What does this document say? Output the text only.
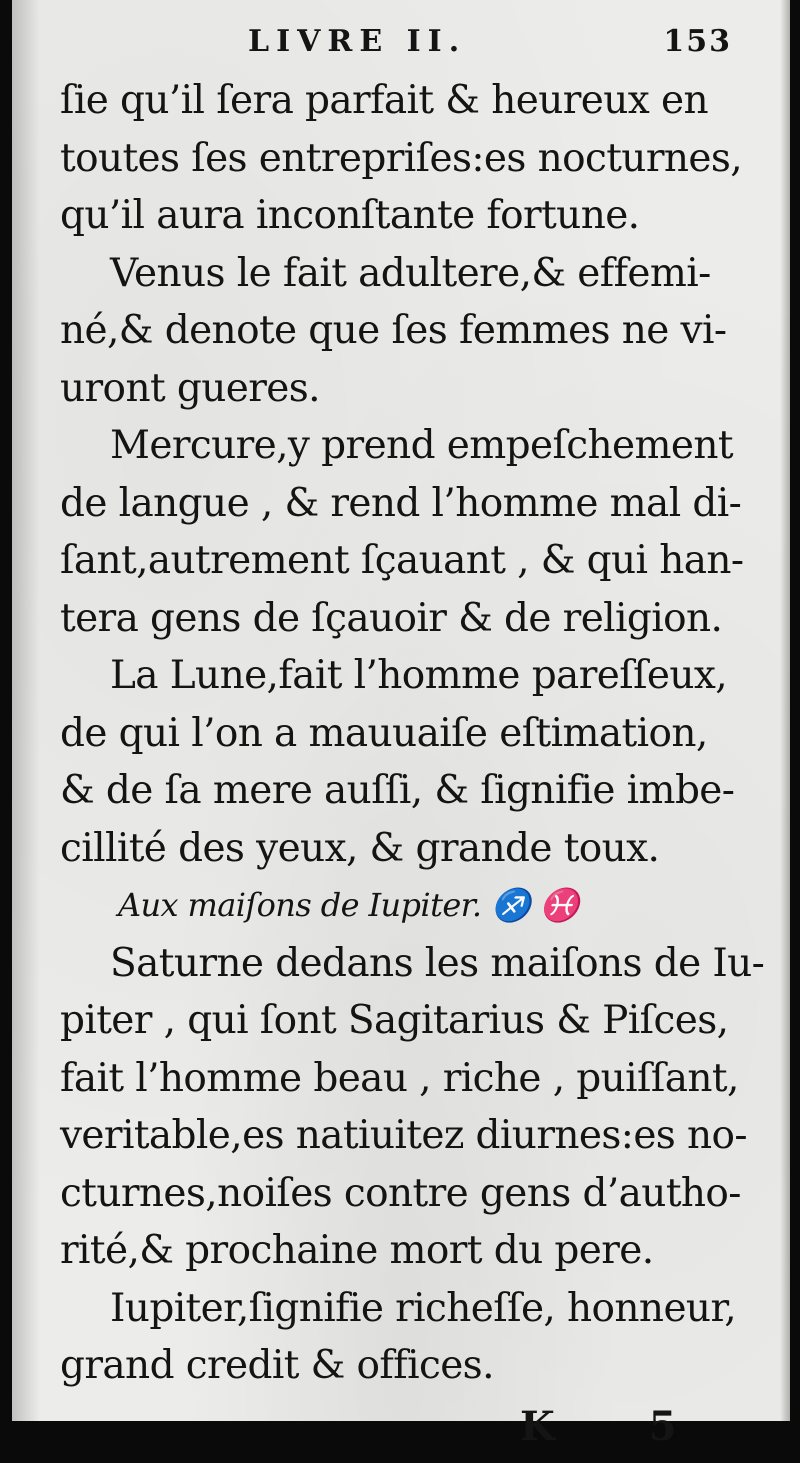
LIVRE II.	153
ſie qu’il ſera parfait & heureux en
toutes ſes entrepriſes:es nocturnes,
qu’il aura inconſtante fortune.
Venus le fait adultere,& effemi-
né,& denote que ſes femmes ne vi-
uront gueres.
Mercure,y prend empeſchement
de langue , & rend l’homme mal di-
ſant,autrement ſçauant , & qui han-
tera gens de ſçauoir & de religion.
La Lune,fait l’homme pareſſeux,
de qui l’on a mauuaiſe eſtimation,
& de ſa mere auſſi, & ſignifie imbe-
cillité des yeux, & grande toux.
Aux maiſons de Iupiter. ♐ ♓
Saturne dedans les maiſons de Iu-
piter , qui ſont Sagitarius & Piſces,
fait l’homme beau , riche , puiſſant,
veritable,es natiuitez diurnes:es no-
cturnes,noiſes contre gens d’autho-
rité,& prochaine mort du pere.
Iupiter,ſignifie richeſſe, honneur,
grand credit & offices.
K 5
